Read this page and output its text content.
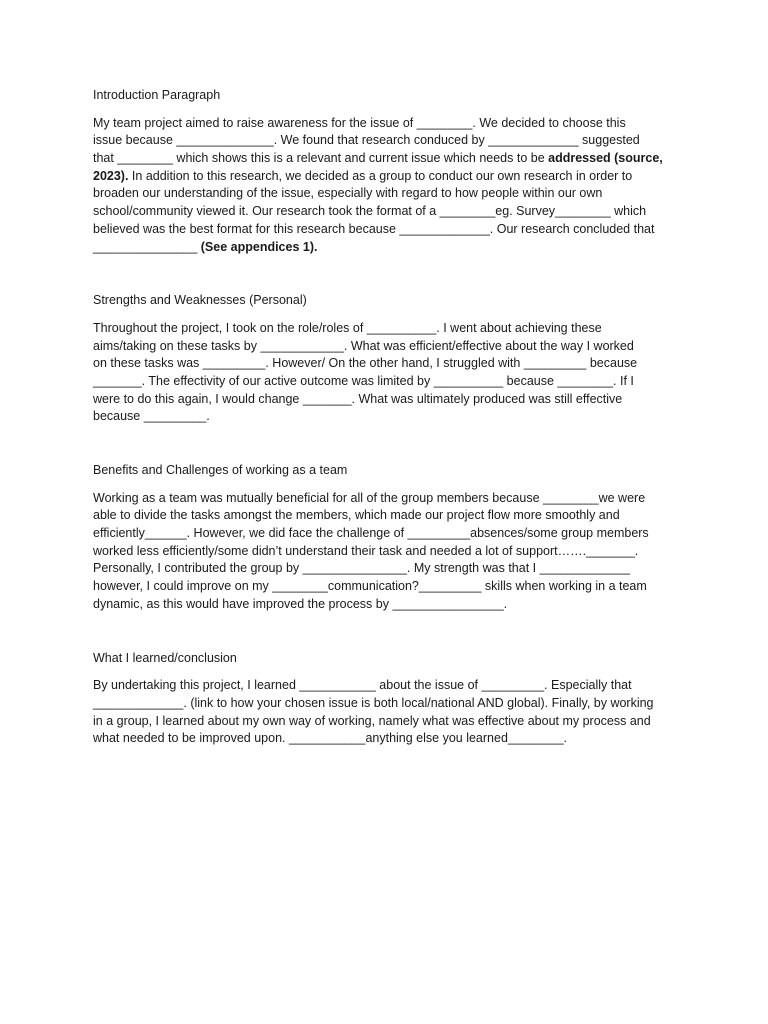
Introduction Paragraph
My team project aimed to raise awareness for the issue of ________. We decided to choose this
issue because ______________. We found that research conduced by _____________ suggested
that ________ which shows this is a relevant and current issue which needs to be addressed (source,
2023). In addition to this research, we decided as a group to conduct our own research in order to
broaden our understanding of the issue, especially with regard to how people within our own
school/community viewed it. Our research took the format of a ________eg. Survey________ which
believed was the best format for this research because _____________. Our research concluded that
_______________ (See appendices 1).
Strengths and Weaknesses (Personal)
Throughout the project, I took on the role/roles of __________. I went about achieving these
aims/taking on these tasks by ____________. What was efficient/effective about the way I worked
on these tasks was _________. However/ On the other hand, I struggled with _________ because
_______. The effectivity of our active outcome was limited by __________ because ________. If I
were to do this again, I would change _______. What was ultimately produced was still effective
because _________.
Benefits and Challenges of working as a team
Working as a team was mutually beneficial for all of the group members because ________we were
able to divide the tasks amongst the members, which made our project flow more smoothly and
efficiently______. However, we did face the challenge of _________absences/some group members
worked less efficiently/some didn’t understand their task and needed a lot of support……._______.
Personally, I contributed the group by _______________. My strength was that I _____________
however, I could improve on my ________communication?_________ skills when working in a team
dynamic, as this would have improved the process by ________________.
What I learned/conclusion
By undertaking this project, I learned ___________ about the issue of _________. Especially that
_____________. (link to how your chosen issue is both local/national AND global). Finally, by working
in a group, I learned about my own way of working, namely what was effective about my process and
what needed to be improved upon. ___________anything else you learned________.
